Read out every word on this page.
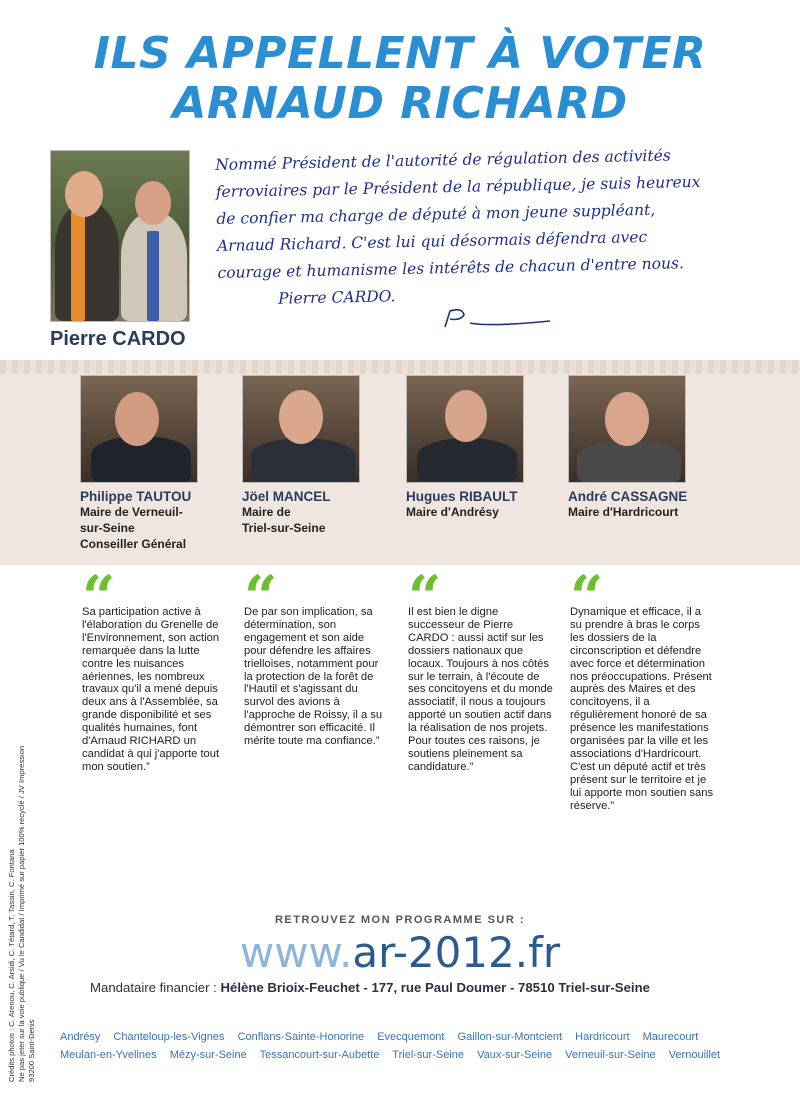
ILS APPELLENT À VOTER
ARNAUD RICHARD
Pierre CARDO
Nommé Président de l'autorité de régulation des activités
ferroviaires par le Président de la république, je suis heureux
de confier ma charge de député à mon jeune suppléant,
Arnaud Richard. C'est lui qui désormais défendra avec
courage et humanisme les intérêts de chacun d'entre nous.
Pierre CARDO.
Philippe TAUTOU
Maire de Verneuil-
sur-Seine
Conseiller Général
Jöel MANCEL
Maire de
Triel-sur-Seine
Hugues RIBAULT
Maire d'Andrésy
André CASSAGNE
Maire d'Hardricourt
Sa participation active à l'élaboration du Grenelle de l'Environnement, son action remarquée dans la lutte contre les nuisances aériennes, les nombreux travaux qu'il a mené depuis deux ans à l'Assemblée, sa grande disponibilité et ses qualités humaines, font d'Arnaud RICHARD un candidat à qui j'apporte tout mon soutien.”
De par son implication, sa détermination, son engagement et son aide pour défendre les affaires trielloises, notamment pour la protection de la forêt de l'Hautil et s'agissant du survol des avions à l'approche de Roissy, il a su démontrer son efficacité. Il mérite toute ma confiance.”
Il est bien le digne successeur de Pierre CARDO : aussi actif sur les dossiers nationaux que locaux. Toujours à nos côtés sur le terrain, à l'écoute de ses concitoyens et du monde associatif, il nous a toujours apporté un soutien actif dans la réalisation de nos projets. Pour toutes ces raisons, je soutiens pleinement sa candidature.”
Dynamique et efficace, il a su prendre à bras le corps les dossiers de la circonscription et défendre avec force et détermination nos préoccupations. Présent auprès des Maires et des concitoyens, il a régulièrement honoré de sa présence les manifestations organisées par la ville et les associations d'Hardricourt. C'est un député actif et très présent sur le territoire et je lui apporte mon soutien sans réserve.”
Crédits photos : C. Arenou, C. Arsidi, C. Tétard, T. Tassin, C. Fontana Ne pas jeter sur la voie publique / Vu le Candidat / Imprimé sur papier 100% recyclé / JV Impression 93200 Saint-Denis
RETROUVEZ MON PROGRAMME SUR :
www.ar-2012.fr
Mandataire financier : Hélène Brioix-Feuchet - 177, rue Paul Doumer - 78510 Triel-sur-Seine
Andrésy Chanteloup-les-Vignes Conflans-Sainte-Honorine Evecquemont Gaillon-sur-Montcient Hardricourt Maurecourt
Meulan-en-Yvelines Mézy-sur-Seine Tessancourt-sur-Aubette Triel-sur-Seine Vaux-sur-Seine Verneuil-sur-Seine Vernouillet
